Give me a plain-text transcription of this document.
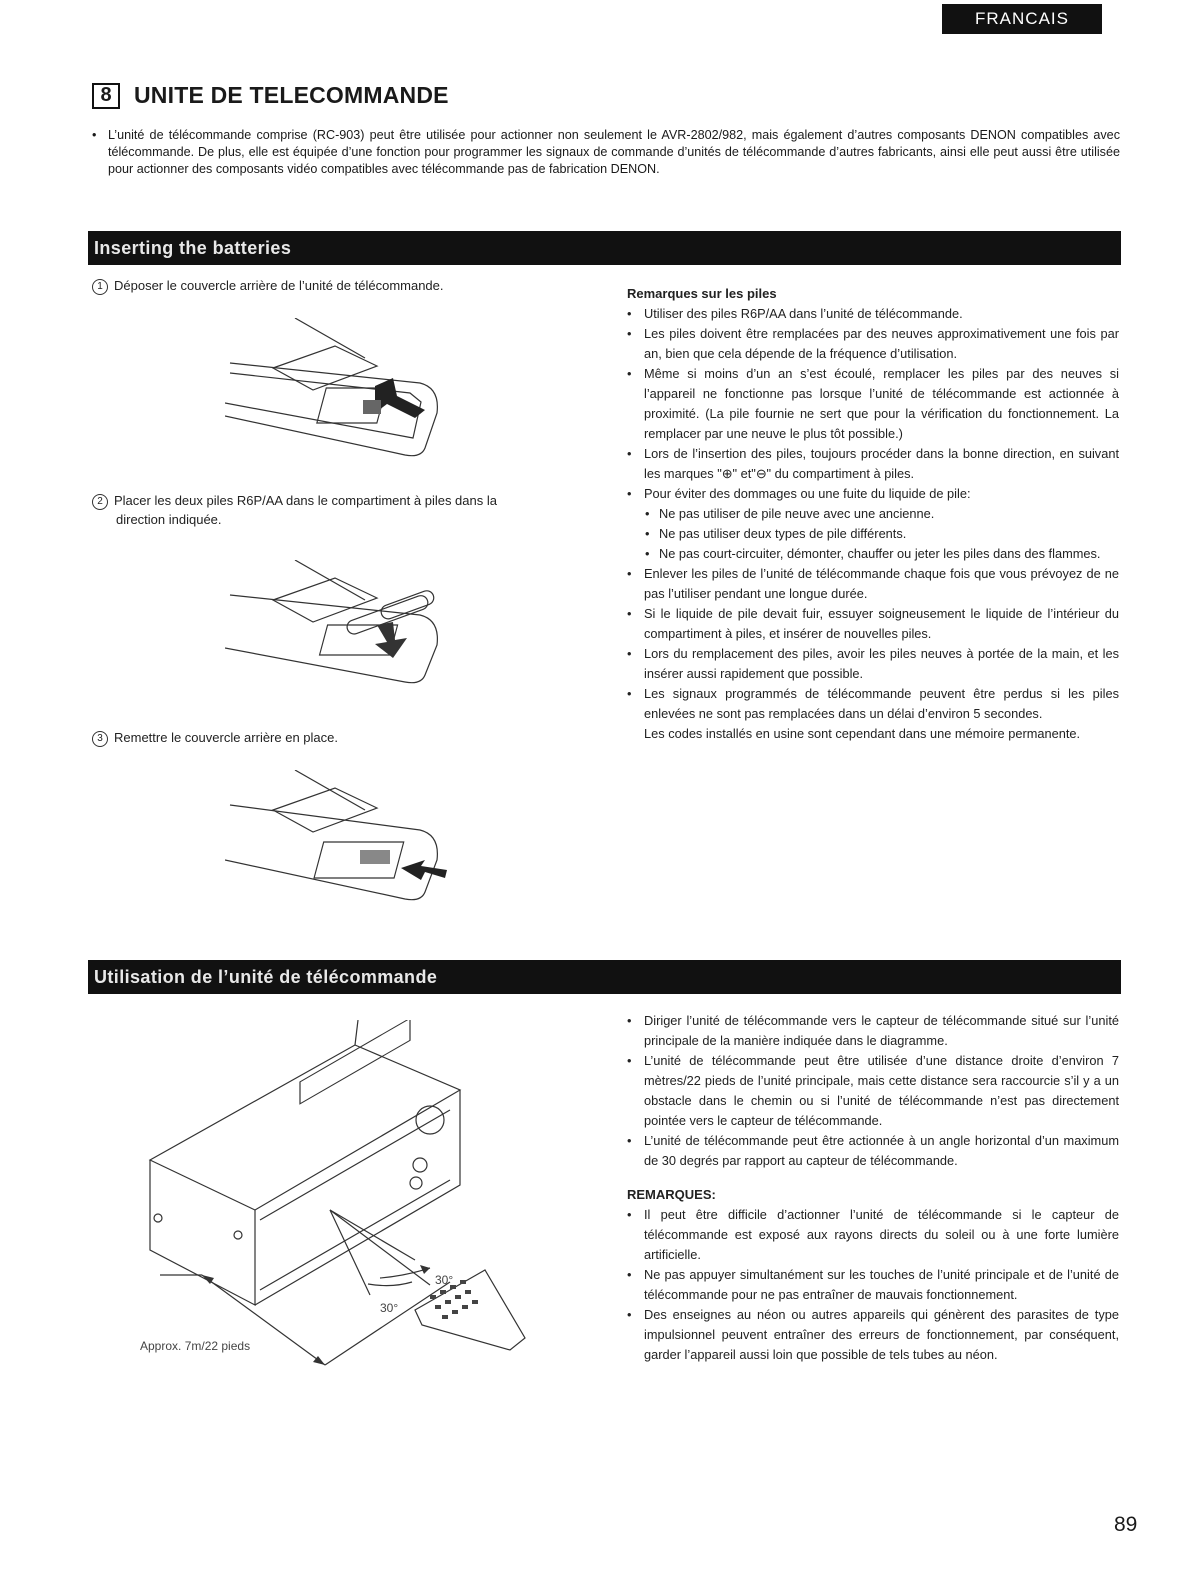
FRANCAIS
8 UNITE DE TELECOMMANDE
• L’unité de télécommande comprise (RC-903) peut être utilisée pour actionner non seulement le AVR-2802/982, mais également d’autres composants DENON compatibles avec télécommande. De plus, elle est équipée d’une fonction pour programmer les signaux de commande d’unités de télécommande d’autres fabricants, ainsi elle peut aussi être utilisée pour actionner des composants vidéo compatibles avec télécommande pas de fabrication DENON.

Inserting the batteries
1 Déposer le couvercle arrière de l’unité de télécommande.
2 Placer les deux piles R6P/AA dans le compartiment à piles dans la
direction indiquée.
3 Remettre le couvercle arrière en place.
Remarques sur les piles
• Utiliser des piles R6P/AA dans l’unité de télécommande.
• Les piles doivent être remplacées par des neuves approximativement une fois par an, bien que cela dépende de la fréquence d’utilisation.
• Même si moins d’un an s’est écoulé, remplacer les piles par des neuves si l’appareil ne fonctionne pas lorsque l’unité de télécommande est actionnée à proximité. (La pile fournie ne sert que pour la vérification du fonctionnement. La remplacer par une neuve le plus tôt possible.)
• Lors de l’insertion des piles, toujours procéder dans la bonne direction, en suivant les marques "⊕" et"⊖" du compartiment à piles.
• Pour éviter des dommages ou une fuite du liquide de pile:
• Ne pas utiliser de pile neuve avec une ancienne.
• Ne pas utiliser deux types de pile différents.
• Ne pas court-circuiter, démonter, chauffer ou jeter les piles dans des flammes.
• Enlever les piles de l’unité de télécommande chaque fois que vous prévoyez de ne pas l’utiliser pendant une longue durée.
• Si le liquide de pile devait fuir, essuyer soigneusement le liquide de l’intérieur du compartiment à piles, et insérer de nouvelles piles.
• Lors du remplacement des piles, avoir les piles neuves à portée de la main, et les insérer aussi rapidement que possible.
• Les signaux programmés de télécommande peuvent être perdus si les piles enlevées ne sont pas remplacées dans un délai d’environ 5 secondes.
Les codes installés en usine sont cependant dans une mémoire permanente.
Utilisation de l’unité de télécommande
30°
30°
Approx. 7m/22 pieds
• Diriger l’unité de télécommande vers le capteur de télécommande situé sur l’unité principale de la manière indiquée dans le diagramme.
• L’unité de télécommande peut être utilisée d’une distance droite d’environ 7 mètres/22 pieds de l’unité principale, mais cette distance sera raccourcie s’il y a un obstacle dans le chemin ou si l’unité de télécommande n’est pas directement pointée vers le capteur de télécommande.
• L’unité de télécommande peut être actionnée à un angle horizontal d’un maximum de 30 degrés par rapport au capteur de télécommande.
REMARQUES:
• Il peut être difficile d’actionner l’unité de télécommande si le capteur de télécommande est exposé aux rayons directs du soleil ou à une forte lumière artificielle.
• Ne pas appuyer simultanément sur les touches de l’unité principale et de l’unité de télécommande pour ne pas entraîner de mauvais fonctionnement.
• Des enseignes au néon ou autres appareils qui génèrent des parasites de type impulsionnel peuvent entraîner des erreurs de fonctionnement, par conséquent, garder l’appareil aussi loin que possible de tels tubes au néon.
89
